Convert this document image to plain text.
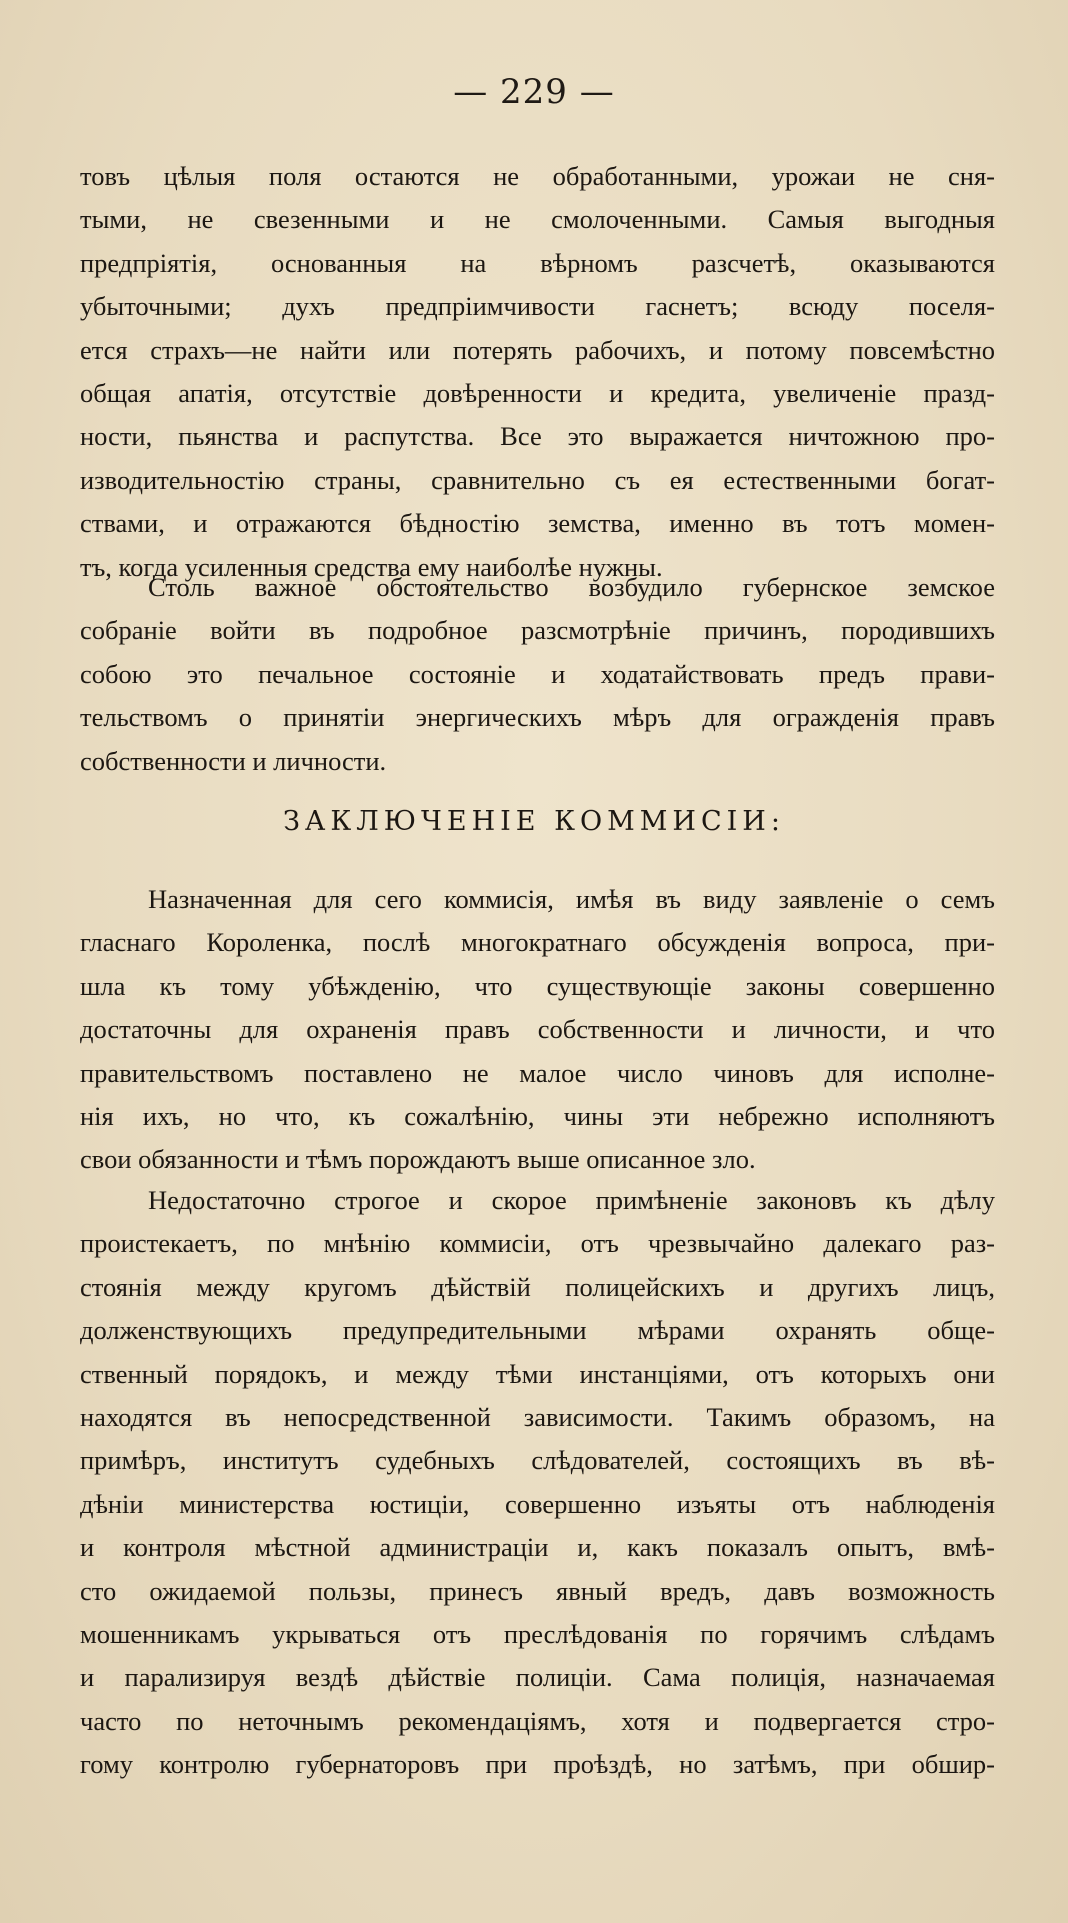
— 229 —
товъ цѣлыя поля остаются не обработанными, урожаи не сня-
тыми, не свезенными и не смолоченными. Самыя выгодныя
предпріятія, основанныя на вѣрномъ разсчетѣ, оказываются
убыточными; духъ предпріимчивости гаснетъ; всюду поселя-
ется страхъ—не найти или потерять рабочихъ, и потому повсемѣстно
общая апатія, отсутствіе довѣренности и кредита, увеличеніе празд-
ности, пьянства и распутства. Все это выражается ничтожною про-
изводительностію страны, сравнительно съ ея естественными богат-
ствами, и отражаются бѣдностію земства, именно въ тотъ момен-
тъ, когда усиленныя средства ему наиболѣе нужны.
Столь важное обстоятельство возбудило губернское земское
собраніе войти въ подробное разсмотрѣніе причинъ, породившихъ
собою это печальное состояніе и ходатайствовать предъ прави-
тельствомъ о принятіи энергическихъ мѣръ для огражденія правъ
собственности и личности.
ЗАКЛЮЧЕНІЕ КОММИСІИ:
Назначенная для сего коммисія, имѣя въ виду заявленіе о семъ
гласнаго Короленка, послѣ многократнаго обсужденія вопроса, при-
шла къ тому убѣжденію, что существующіе законы совершенно
достаточны для охраненія правъ собственности и личности, и что
правительствомъ поставлено не малое число чиновъ для исполне-
нія ихъ, но что, къ сожалѣнію, чины эти небрежно исполняютъ
свои обязанности и тѣмъ порождаютъ выше описанное зло.
Недостаточно строгое и скорое примѣненіе законовъ къ дѣлу
проистекаетъ, по мнѣнію коммисіи, отъ чрезвычайно далекаго раз-
стоянія между кругомъ дѣйствій полицейскихъ и другихъ лицъ,
долженствующихъ предупредительными мѣрами охранять обще-
ственный порядокъ, и между тѣми инстанціями, отъ которыхъ они
находятся въ непосредственной зависимости. Такимъ образомъ, на
примѣръ, институтъ судебныхъ слѣдователей, состоящихъ въ вѣ-
дѣніи министерства юстиціи, совершенно изъяты отъ наблюденія
и контроля мѣстной администраціи и, какъ показалъ опытъ, вмѣ-
сто ожидаемой пользы, принесъ явный вредъ, давъ возможность
мошенникамъ укрываться отъ преслѣдованія по горячимъ слѣдамъ
и парализируя вездѣ дѣйствіе полиціи. Сама полиція, назначаемая
часто по неточнымъ рекомендаціямъ, хотя и подвергается стро-
гому контролю губернаторовъ при проѣздѣ, но затѣмъ, при обшир-
